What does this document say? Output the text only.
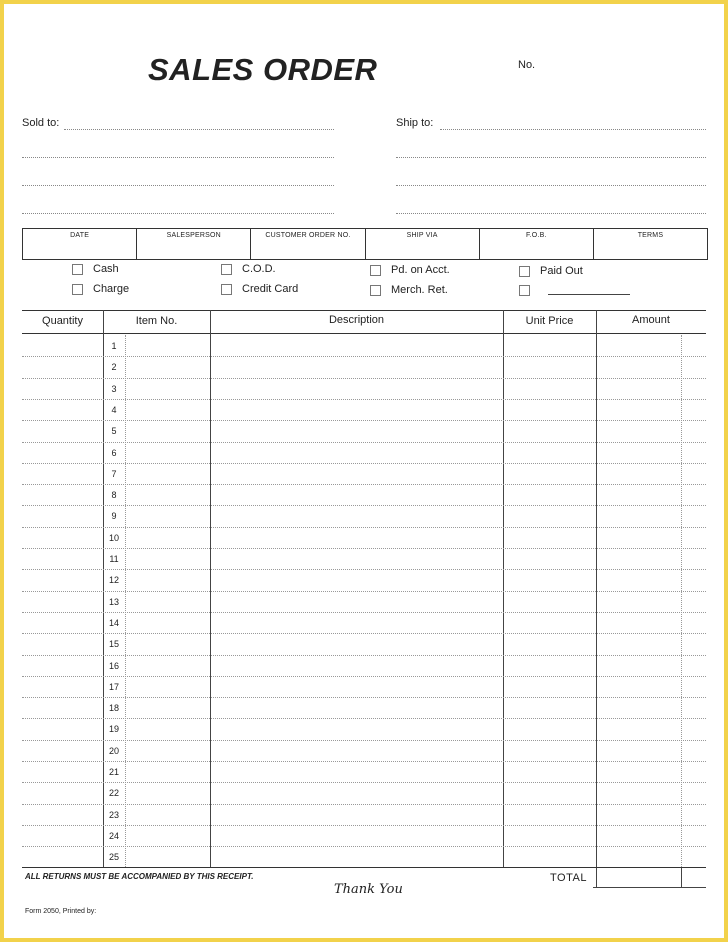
SALES ORDER	No.
Sold to:	Ship to:
DATE	SALESPERSON	CUSTOMER ORDER NO.	SHIP VIA	F.O.B.	TERMS
Cash
Charge
C.O.D.
Credit Card
Pd. on Acct.
Merch. Ret.
Paid Out
Quantity	Item No.	Description	Unit Price	Amount
1
2
3
4
5
6
7
8
9
10
11
12
13
14
15
16
17
18
19
20
21
22
23
24
25
ALL RETURNS MUST BE ACCOMPANIED BY THIS RECEIPT.
Thank You
TOTAL
Form 2050, Printed by:
